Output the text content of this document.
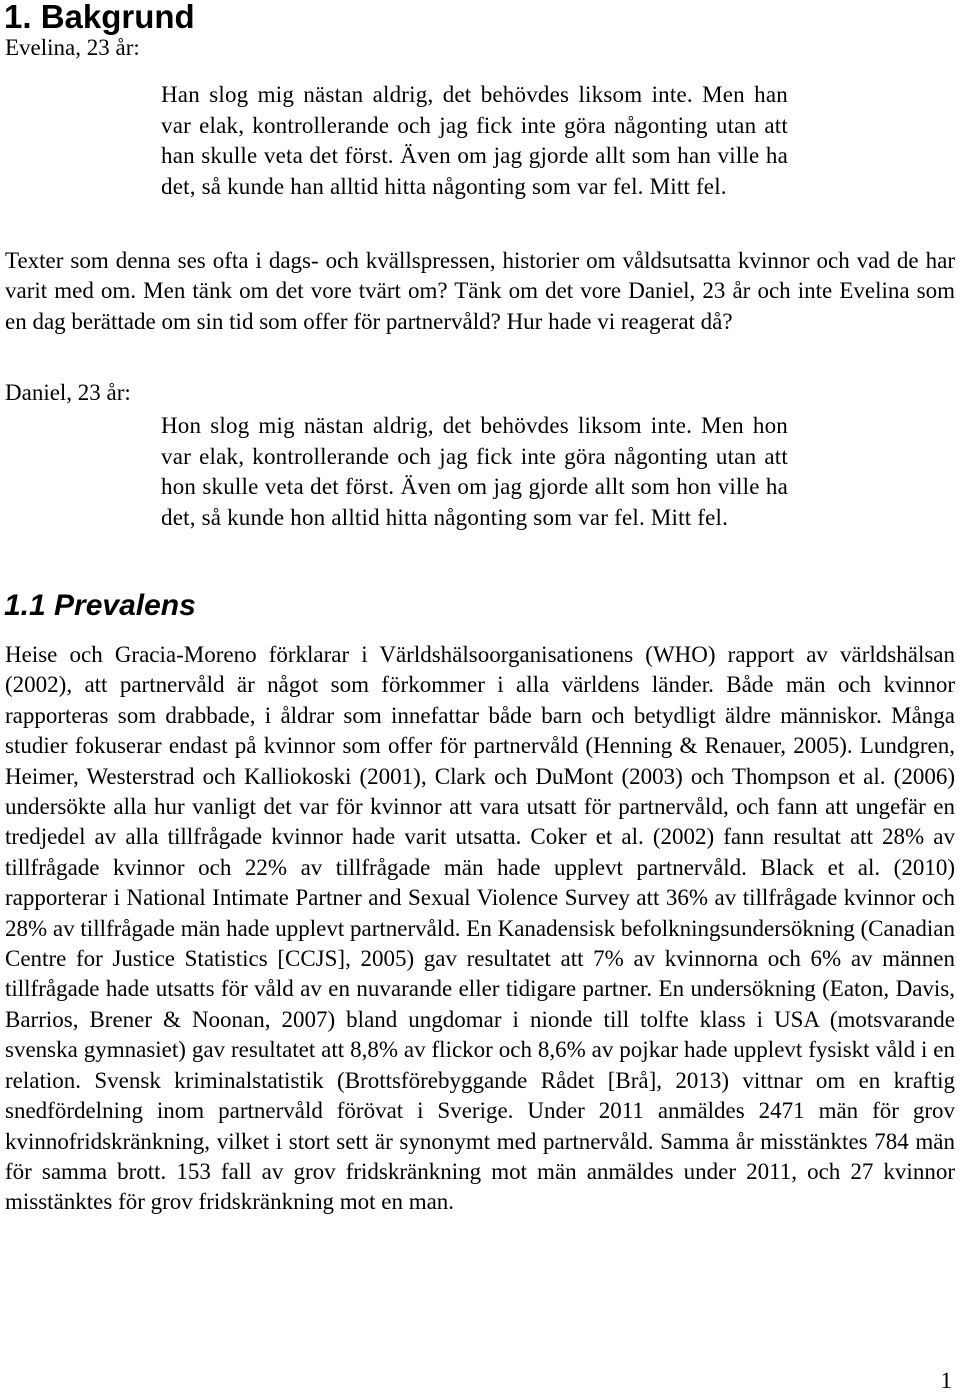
1. Bakgrund
Evelina, 23 år:

Han slog mig nästan aldrig, det behövdes liksom inte. Men han var elak, kontrollerande och jag fick inte göra någonting utan att han skulle veta det först. Även om jag gjorde allt som han ville ha det, så kunde han alltid hitta någonting som var fel. Mitt fel.

Texter som denna ses ofta i dags- och kvällspressen, historier om våldsutsatta kvinnor och vad de har varit med om. Men tänk om det vore tvärt om? Tänk om det vore Daniel, 23 år och inte Evelina som en dag berättade om sin tid som offer för partnervåld? Hur hade vi reagerat då?

Daniel, 23 år:

Hon slog mig nästan aldrig, det behövdes liksom inte. Men hon var elak, kontrollerande och jag fick inte göra någonting utan att hon skulle veta det först. Även om jag gjorde allt som hon ville ha det, så kunde hon alltid hitta någonting som var fel. Mitt fel.

1.1 Prevalens

Heise och Gracia-Moreno förklarar i Världshälsoorganisationens (WHO) rapport av världshälsan (2002), att partnervåld är något som förkommer i alla världens länder. Både män och kvinnor rapporteras som drabbade, i åldrar som innefattar både barn och betydligt äldre människor. Många studier fokuserar endast på kvinnor som offer för partnervåld (Henning & Renauer, 2005). Lundgren, Heimer, Westerstrad och Kalliokoski (2001), Clark och DuMont (2003) och Thompson et al. (2006) undersökte alla hur vanligt det var för kvinnor att vara utsatt för partnervåld, och fann att ungefär en tredjedel av alla tillfrågade kvinnor hade varit utsatta. Coker et al. (2002) fann resultat att 28% av tillfrågade kvinnor och 22% av tillfrågade män hade upplevt partnervåld. Black et al. (2010) rapporterar i National Intimate Partner and Sexual Violence Survey att 36% av tillfrågade kvinnor och 28% av tillfrågade män hade upplevt partnervåld. En Kanadensisk befolkningsundersökning (Canadian Centre for Justice Statistics [CCJS], 2005) gav resultatet att 7% av kvinnorna och 6% av männen tillfrågade hade utsatts för våld av en nuvarande eller tidigare partner. En undersökning (Eaton, Davis, Barrios, Brener & Noonan, 2007) bland ungdomar i nionde till tolfte klass i USA (motsvarande svenska gymnasiet) gav resultatet att 8,8% av flickor och 8,6% av pojkar hade upplevt fysiskt våld i en relation. Svensk kriminalstatistik (Brottsförebyggande Rådet [Brå], 2013) vittnar om en kraftig snedfördelning inom partnervåld förövat i Sverige. Under 2011 anmäldes 2471 män för grov kvinnofridskränkning, vilket i stort sett är synonymt med partnervåld. Samma år misstänktes 784 män för samma brott. 153 fall av grov fridskränkning mot män anmäldes under 2011, och 27 kvinnor misstänktes för grov fridskränkning mot en man.

1
